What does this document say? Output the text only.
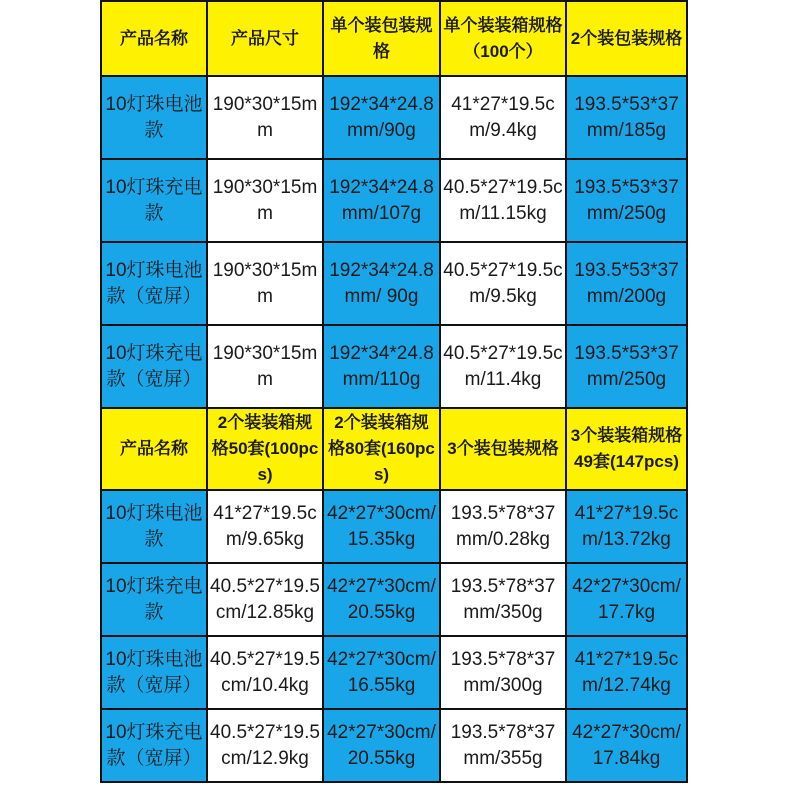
产品名称	产品尺寸	单个装包装规格	单个装装箱规格（100个）	2个装包装规格
10灯珠电池款	190*30*15mm	192*34*24.8mm/90g	41*27*19.5cm/9.4kg	193.5*53*37mm/185g
10灯珠充电款	190*30*15mm	192*34*24.8mm/107g	40.5*27*19.5cm/11.15kg	193.5*53*37mm/250g
10灯珠电池款（宽屏）	190*30*15mm	192*34*24.8mm/ 90g	40.5*27*19.5cm/9.5kg	193.5*53*37mm/200g
10灯珠充电款（宽屏）	190*30*15mm	192*34*24.8mm/110g	40.5*27*19.5cm/11.4kg	193.5*53*37mm/250g
产品名称	2个装装箱规格50套(100pcs)	2个装装箱规格80套(160pcs)	3个装包装规格	3个装装箱规格49套(147pcs)
10灯珠电池款	41*27*19.5cm/9.65kg	42*27*30cm/15.35kg	193.5*78*37mm/0.28kg	41*27*19.5cm/13.72kg
10灯珠充电款	40.5*27*19.5cm/12.85kg	42*27*30cm/20.55kg	193.5*78*37mm/350g	42*27*30cm/17.7kg
10灯珠电池款（宽屏）	40.5*27*19.5cm/10.4kg	42*27*30cm/16.55kg	193.5*78*37mm/300g	41*27*19.5cm/12.74kg
10灯珠充电款（宽屏）	40.5*27*19.5cm/12.9kg	42*27*30cm/20.55kg	193.5*78*37mm/355g	42*27*30cm/17.84kg
